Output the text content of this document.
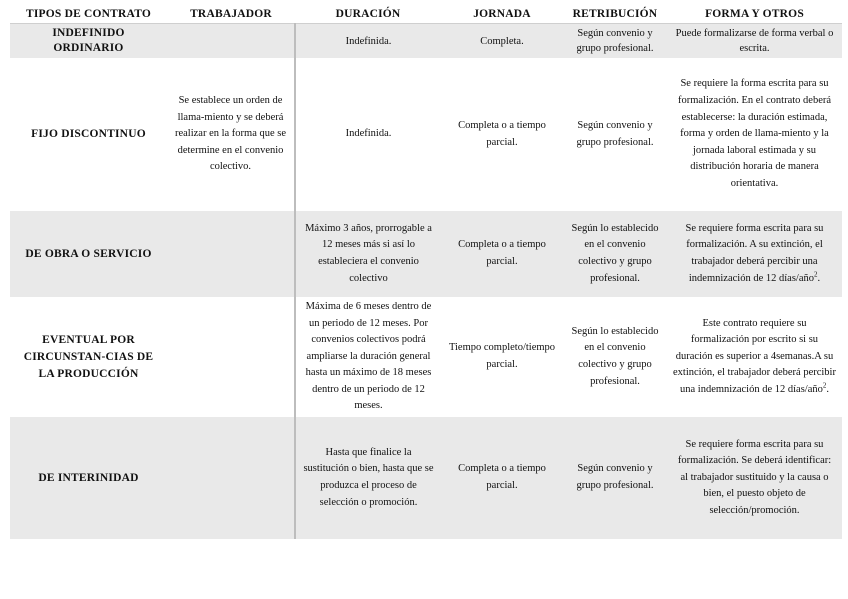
TIPOS DE CONTRATO	TRABAJADOR	DURACIÓN	JORNADA	RETRIBUCIÓN	FORMA Y OTROS
INDEFINIDO ORDINARIO		Indefinida.	Completa.	Según convenio y grupo profesional.	Puede formalizarse de forma verbal o escrita.
FIJO DISCONTINUO	Se establece un orden de llama-miento y se deberá realizar en la forma que se determine en el convenio colectivo.	Indefinida.	Completa o a tiempo parcial.	Según convenio y grupo profesional.	Se requiere la forma escrita para su formalización. En el contrato deberá establecerse: la duración estimada, forma y orden de llama-miento y la jornada laboral estimada y su distribución horaria de manera orientativa.
DE OBRA O SERVICIO		Máximo 3 años, prorrogable a 12 meses más si así lo estableciera el convenio colectivo	Completa o a tiempo parcial.	Según lo establecido en el convenio colectivo y grupo profesional.	Se requiere forma escrita para su formalización. A su extinción, el trabajador deberá percibir una indemnización de 12 días/año$^2$.
EVENTUAL POR CIRCUNSTAN-CIAS DE LA PRODUCCIÓN		Máxima de 6 meses dentro de un periodo de 12 meses. Por convenios colectivos podrá ampliarse la duración general hasta un máximo de 18 meses dentro de un periodo de 12 meses.	Tiempo completo/tiempo parcial.	Según lo establecido en el convenio colectivo y grupo profesional.	Este contrato requiere su formalización por escrito si su duración es superior a 4semanas.A su extinción, el trabajador deberá percibir una indemnización de 12 días/año$^2$.
DE INTERINIDAD		Hasta que finalice la sustitución o bien, hasta que se produzca el proceso de selección o promoción.	Completa o a tiempo parcial.	Según convenio y grupo profesional.	Se requiere forma escrita para su formalización. Se deberá identificar: al trabajador sustituido y la causa o bien, el puesto objeto de selección/promoción.
